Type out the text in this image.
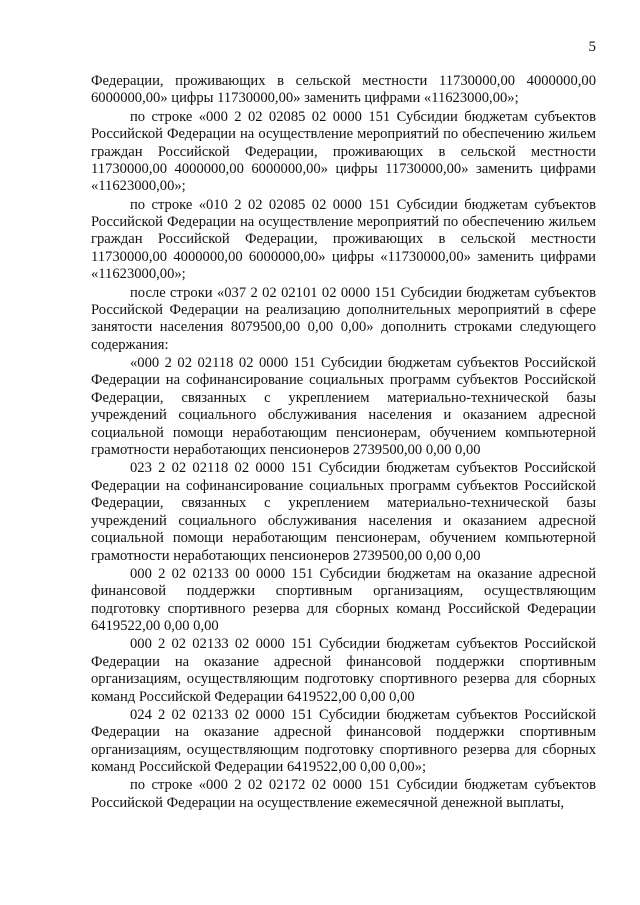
5

Федерации, проживающих в сельской местности 11730000,00 4000000,00 6000000,00» цифры 11730000,00» заменить цифрами «11623000,00»;

по строке «000 2 02 02085 02 0000 151 Субсидии бюджетам субъектов Российской Федерации на осуществление мероприятий по обеспечению жильем граждан Российской Федерации, проживающих в сельской местности 11730000,00 4000000,00 6000000,00» цифры 11730000,00» заменить цифрами «11623000,00»;

по строке «010 2 02 02085 02 0000 151 Субсидии бюджетам субъектов Российской Федерации на осуществление мероприятий по обеспечению жильем граждан Российской Федерации, проживающих в сельской местности 11730000,00 4000000,00 6000000,00» цифры «11730000,00» заменить цифрами «11623000,00»;

после строки «037 2 02 02101 02 0000 151 Субсидии бюджетам субъектов Российской Федерации на реализацию дополнительных мероприятий в сфере занятости населения 8079500,00 0,00 0,00» дополнить строками следующего содержания:

«000 2 02 02118 02 0000 151 Субсидии бюджетам субъектов Российской Федерации на софинансирование социальных программ субъектов Российской Федерации, связанных с укреплением материально-технической базы учреждений социального обслуживания населения и оказанием адресной социальной помощи неработающим пенсионерам, обучением компьютерной грамотности неработающих пенсионеров 2739500,00 0,00 0,00

023 2 02 02118 02 0000 151 Субсидии бюджетам субъектов Российской Федерации на софинансирование социальных программ субъектов Российской Федерации, связанных с укреплением материально-технической базы учреждений социального обслуживания населения и оказанием адресной социальной помощи неработающим пенсионерам, обучением компьютерной грамотности неработающих пенсионеров 2739500,00 0,00 0,00

000 2 02 02133 00 0000 151 Субсидии бюджетам на оказание адресной финансовой поддержки спортивным организациям, осуществляющим подготовку спортивного резерва для сборных команд Российской Федерации 6419522,00 0,00 0,00

000 2 02 02133 02 0000 151 Субсидии бюджетам субъектов Российской Федерации на оказание адресной финансовой поддержки спортивным организациям, осуществляющим подготовку спортивного резерва для сборных команд Российской Федерации 6419522,00 0,00 0,00

024 2 02 02133 02 0000 151 Субсидии бюджетам субъектов Российской Федерации на оказание адресной финансовой поддержки спортивным организациям, осуществляющим подготовку спортивного резерва для сборных команд Российской Федерации 6419522,00 0,00 0,00»;

по строке «000 2 02 02172 02 0000 151 Субсидии бюджетам субъектов Российской Федерации на осуществление ежемесячной денежной выплаты,
